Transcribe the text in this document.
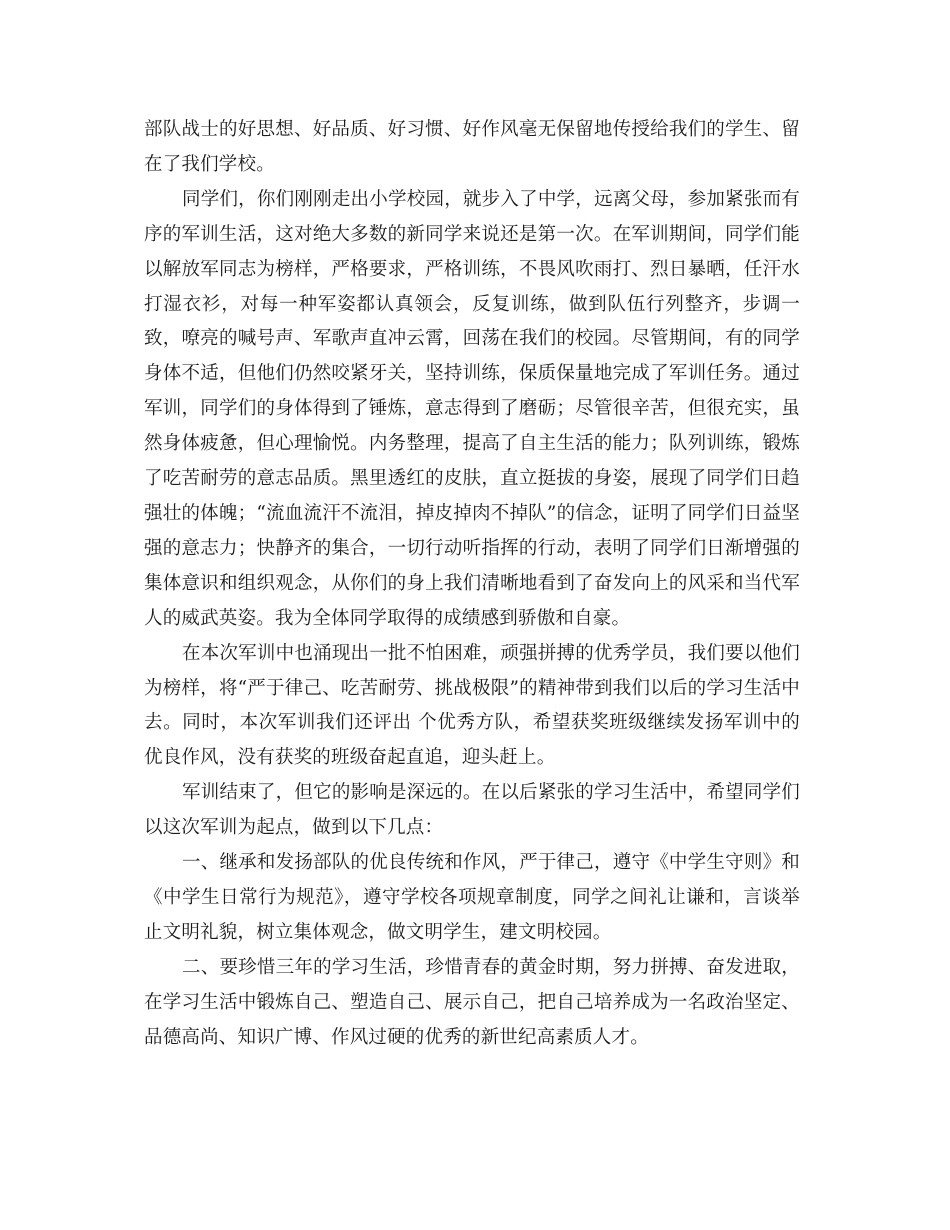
部队战士的好思想、好品质、好习惯、好作风毫无保留地传授给我们的学生、留在了我们学校。

同学们，你们刚刚走出小学校园，就步入了中学，远离父母，参加紧张而有序的军训生活，这对绝大多数的新同学来说还是第一次。在军训期间，同学们能以解放军同志为榜样，严格要求，严格训练，不畏风吹雨打、烈日暴晒，任汗水打湿衣衫，对每一种军姿都认真领会，反复训练，做到队伍行列整齐，步调一致，嘹亮的喊号声、军歌声直冲云霄，回荡在我们的校园。尽管期间，有的同学身体不适，但他们仍然咬紧牙关，坚持训练，保质保量地完成了军训任务。通过军训，同学们的身体得到了锤炼，意志得到了磨砺；尽管很辛苦，但很充实，虽然身体疲惫，但心理愉悦。内务整理，提高了自主生活的能力；队列训练，锻炼了吃苦耐劳的意志品质。黑里透红的皮肤，直立挺拔的身姿，展现了同学们日趋强壮的体魄；“流血流汗不流泪，掉皮掉肉不掉队”的信念，证明了同学们日益坚强的意志力；快静齐的集合，一切行动听指挥的行动，表明了同学们日渐增强的集体意识和组织观念，从你们的身上我们清晰地看到了奋发向上的风采和当代军人的威武英姿。我为全体同学取得的成绩感到骄傲和自豪。

在本次军训中也涌现出一批不怕困难，顽强拼搏的优秀学员，我们要以他们为榜样，将“严于律己、吃苦耐劳、挑战极限”的精神带到我们以后的学习生活中去。同时，本次军训我们还评出 个优秀方队，希望获奖班级继续发扬军训中的优良作风，没有获奖的班级奋起直追，迎头赶上。

军训结束了，但它的影响是深远的。在以后紧张的学习生活中，希望同学们以这次军训为起点，做到以下几点：

一、继承和发扬部队的优良传统和作风，严于律己，遵守《中学生守则》和《中学生日常行为规范》，遵守学校各项规章制度，同学之间礼让谦和，言谈举止文明礼貌，树立集体观念，做文明学生，建文明校园。

二、要珍惜三年的学习生活，珍惜青春的黄金时期，努力拼搏、奋发进取，在学习生活中锻炼自己、塑造自己、展示自己，把自己培养成为一名政治坚定、品德高尚、知识广博、作风过硬的优秀的新世纪高素质人才。
